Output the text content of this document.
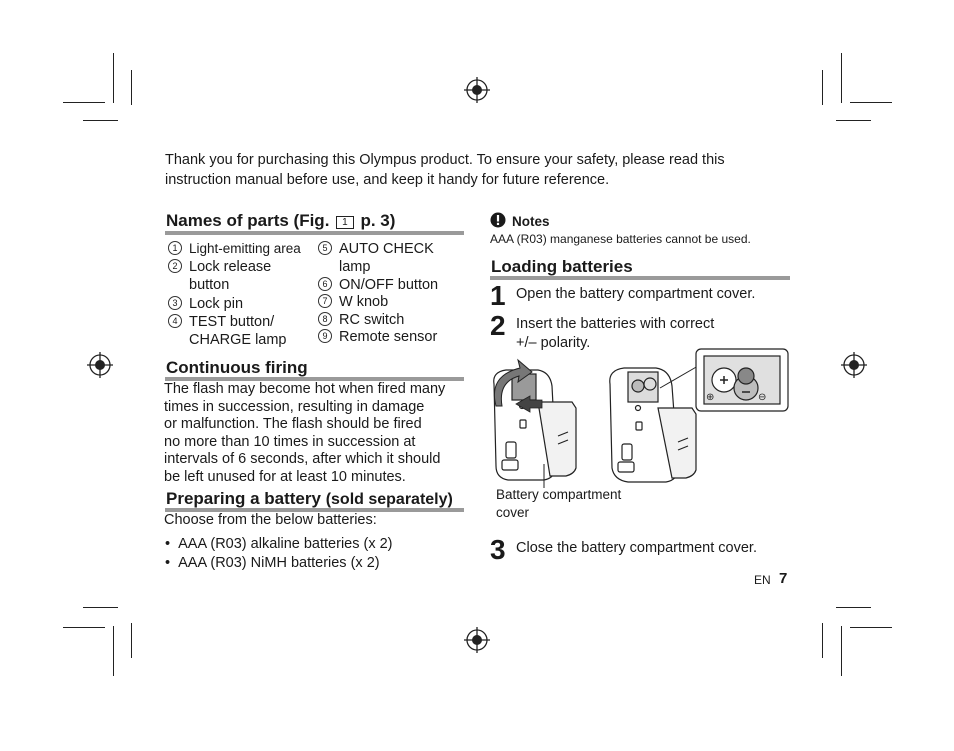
Thank you for purchasing this Olympus product. To ensure your safety, please read this instruction manual before use, and keep it handy for future reference.
Names of parts (Fig. 1 p. 3)
1 Light-emitting area
2 Lock release
button
3 Lock pin
4 TEST button/
CHARGE lamp
5 AUTO CHECK
lamp
6 ON/OFF button
7 W knob
8 RC switch
9 Remote sensor
Continuous firing
The flash may become hot when fired many
times in succession, resulting in damage
or malfunction. The flash should be fired
no more than 10 times in succession at
intervals of 6 seconds, after which it should
be left unused for at least 10 minutes.
Preparing a battery (sold separately)
Choose from the below batteries:
•  AAA (R03) alkaline batteries (x 2)
•  AAA (R03) NiMH batteries (x 2)
Notes
AAA (R03) manganese batteries cannot be used.
Loading batteries
1 Open the battery compartment cover.
2 Insert the batteries with correct
+/– polarity.
⊕	⊖
Battery compartment
cover
3 Close the battery compartment cover.
EN 7
